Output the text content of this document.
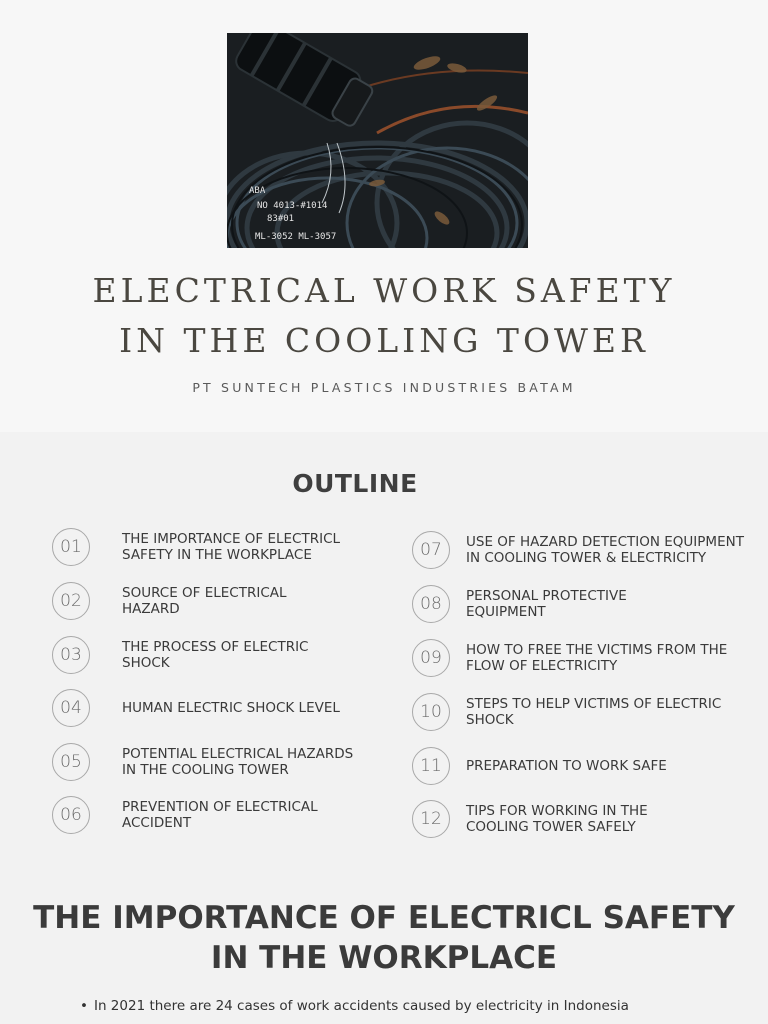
ABA
NO 4013-#1014
83#01
ML-3052 ML-3057
ELECTRICAL WORK SAFETY
IN THE COOLING TOWER
PT SUNTECH PLASTICS INDUSTRIES BATAM
OUTLINE
01	THE IMPORTANCE OF ELECTRICL
SAFETY IN THE WORKPLACE
02	SOURCE OF ELECTRICAL
HAZARD
03	THE PROCESS OF ELECTRIC
SHOCK
04	HUMAN ELECTRIC SHOCK LEVEL
05	POTENTIAL ELECTRICAL HAZARDS
IN THE COOLING TOWER
06	PREVENTION OF ELECTRICAL
ACCIDENT
07	USE OF HAZARD DETECTION EQUIPMENT
IN COOLING TOWER & ELECTRICITY
08	PERSONAL PROTECTIVE
EQUIPMENT
09	HOW TO FREE THE VICTIMS FROM THE
FLOW OF ELECTRICITY
10	STEPS TO HELP VICTIMS OF ELECTRIC
SHOCK
11	PREPARATION TO WORK SAFE
12	TIPS FOR WORKING IN THE
COOLING TOWER SAFELY
THE IMPORTANCE OF ELECTRICL SAFETY
IN THE WORKPLACE
• In 2021 there are 24 cases of work accidents caused by electricity in Indonesia
